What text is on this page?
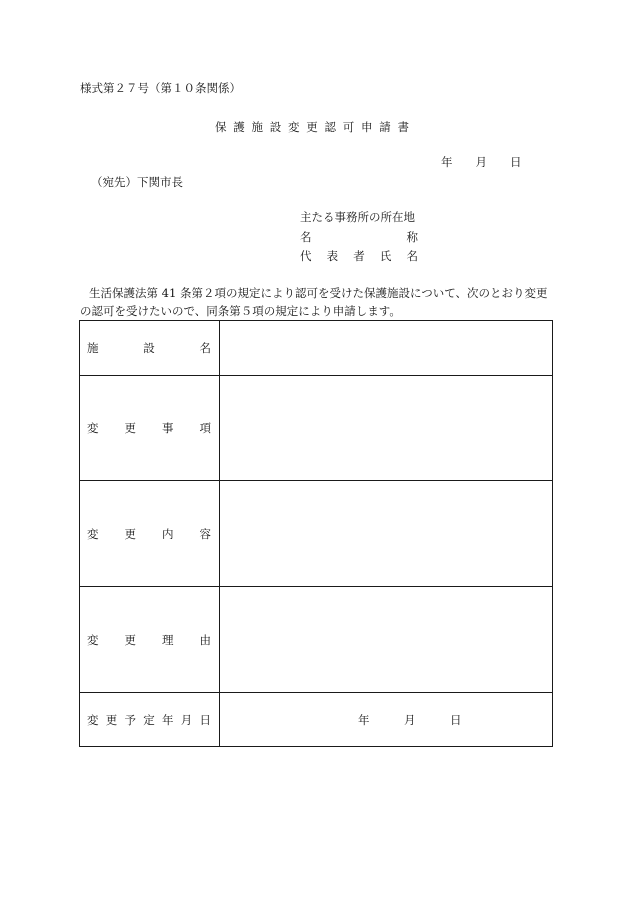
様式第２７号（第１０条関係）
保 護 施 設 変 更 認 可 申 請 書
年　　月　　日
（宛先）下関市長
主たる事務所の所在地
名 称
代 表 者 氏 名
生活保護法第 41 条第２項の規定により認可を受けた保護施設について、次のとおり変更
の認可を受けたいので、同条第５項の規定により申請します。
施 設 名	
変 更 事 項	
変 更 内 容	
変 更 理 由	
変 更 予 定 年 月 日	年　　　月　　　日
